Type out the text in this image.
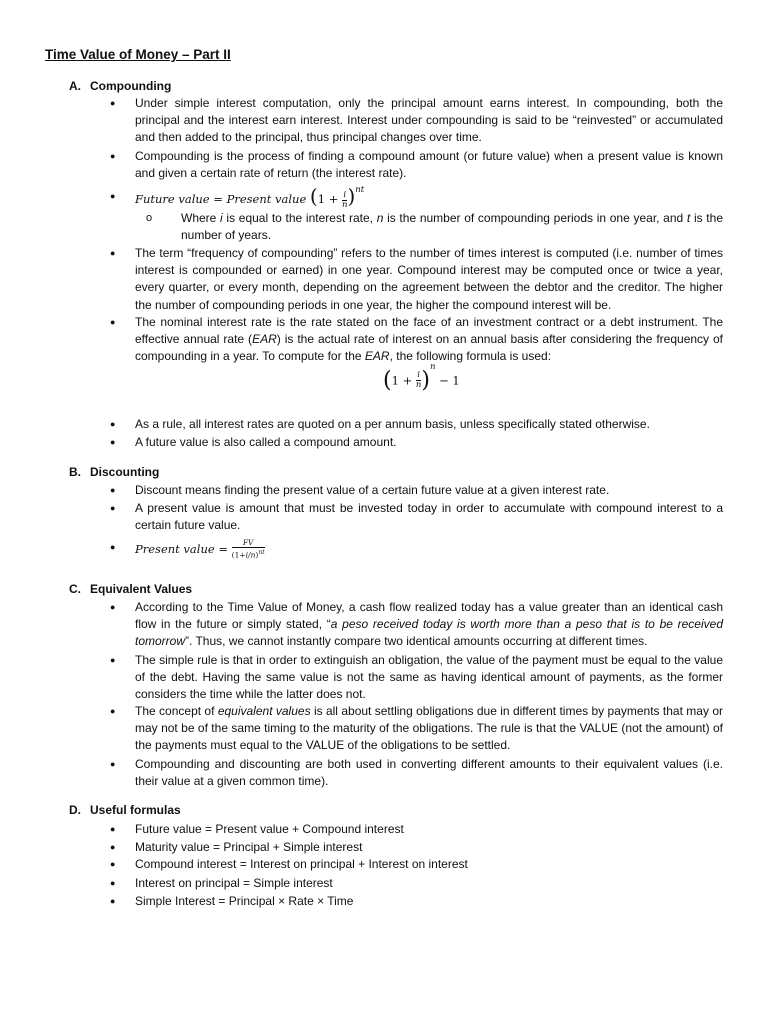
Time Value of Money – Part II
A. Compounding
● Under simple interest computation, only the principal amount earns interest. In compounding, both the principal and the interest earn interest. Interest under compounding is said to be “reinvested” or accumulated and then added to the principal, thus principal changes over time.
● Compounding is the process of finding a compound amount (or future value) when a present value is known and given a certain rate of return (the interest rate).
● Future value = Present value $(1 + \frac{i}{n} )^{nt}$
o Where i is equal to the interest rate, n is the number of compounding periods in one year, and t is the number of years.
● The term “frequency of compounding” refers to the number of times interest is computed (i.e. number of times interest is compounded or earned) in one year. Compound interest may be computed once or twice a year, every quarter, or every month, depending on the agreement between the debtor and the creditor. The higher the number of compounding periods in one year, the higher the compound interest will be.
● The nominal interest rate is the rate stated on the face of an investment contract or a debt instrument. The effective annual rate (EAR) is the actual rate of interest on an annual basis after considering the frequency of compounding in a year. To compute for the EAR, the following formula is used:
$(1 + \frac{i}{n} )^n - 1$
● As a rule, all interest rates are quoted on a per annum basis, unless specifically stated otherwise.
● A future value is also called a compound amount.
B. Discounting
● Discount means finding the present value of a certain future value at a given interest rate.
● A present value is amount that must be invested today in order to accumulate with compound interest to a certain future value.
● Present value = $\frac{FV}{(1+i/n)^{nt}}$
C. Equivalent Values
● According to the Time Value of Money, a cash flow realized today has a value greater than an identical cash flow in the future or simply stated, “a peso received today is worth more than a peso that is to be received tomorrow”. Thus, we cannot instantly compare two identical amounts occurring at different times.
● The simple rule is that in order to extinguish an obligation, the value of the payment must be equal to the value of the debt. Having the same value is not the same as having identical amount of payments, as the former considers the time while the latter does not.
● The concept of equivalent values is all about settling obligations due in different times by payments that may or may not be of the same timing to the maturity of the obligations. The rule is that the VALUE (not the amount) of the payments must equal to the VALUE of the obligations to be settled.
● Compounding and discounting are both used in converting different amounts to their equivalent values (i.e. their value at a given common time).
D. Useful formulas
● Future value = Present value + Compound interest
● Maturity value = Principal + Simple interest
● Compound interest = Interest on principal + Interest on interest
● Interest on principal = Simple interest
● Simple Interest = Principal × Rate × Time
